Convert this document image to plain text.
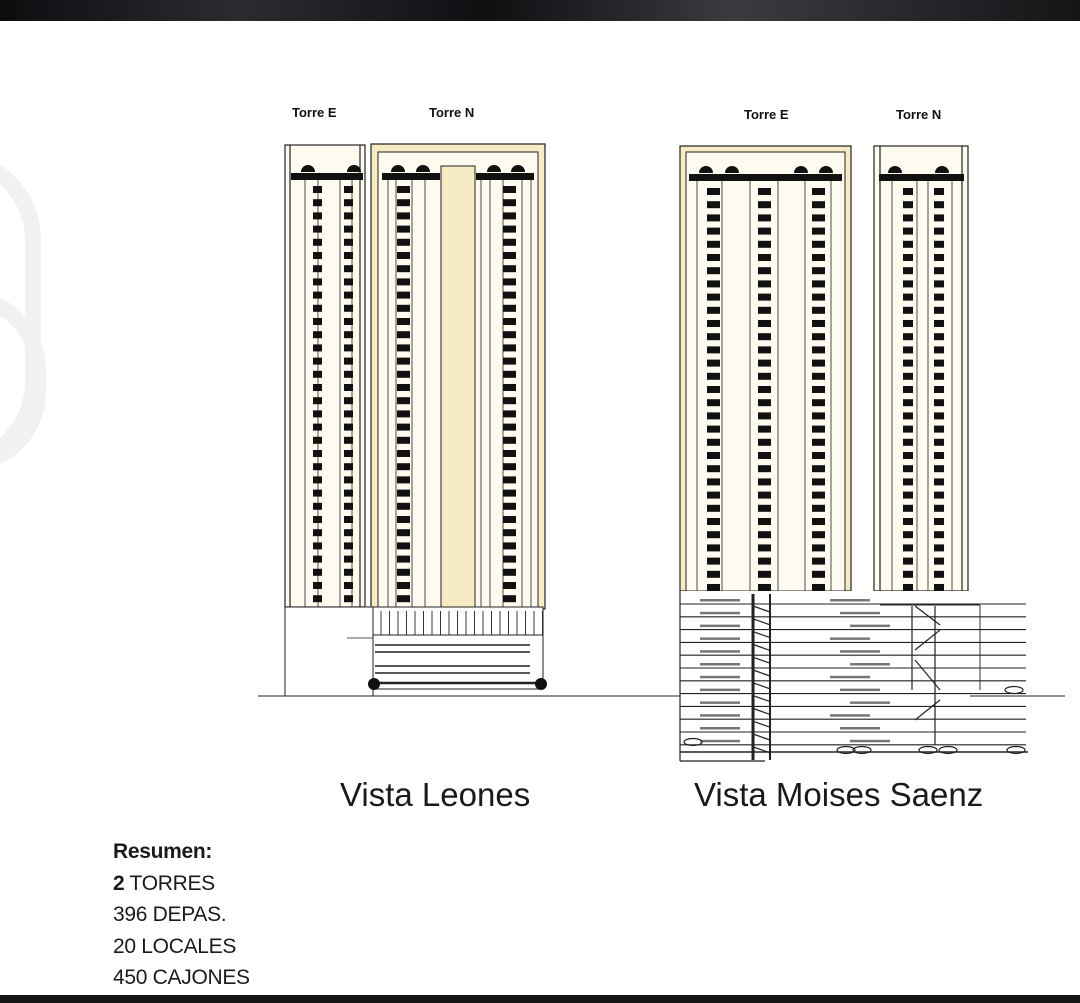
Torre E	Torre N	Torre E	Torre N
Vista Leones	Vista Moises Saenz
Resumen:
2 TORRES
396 DEPAS.
20 LOCALES
450 CAJONES
